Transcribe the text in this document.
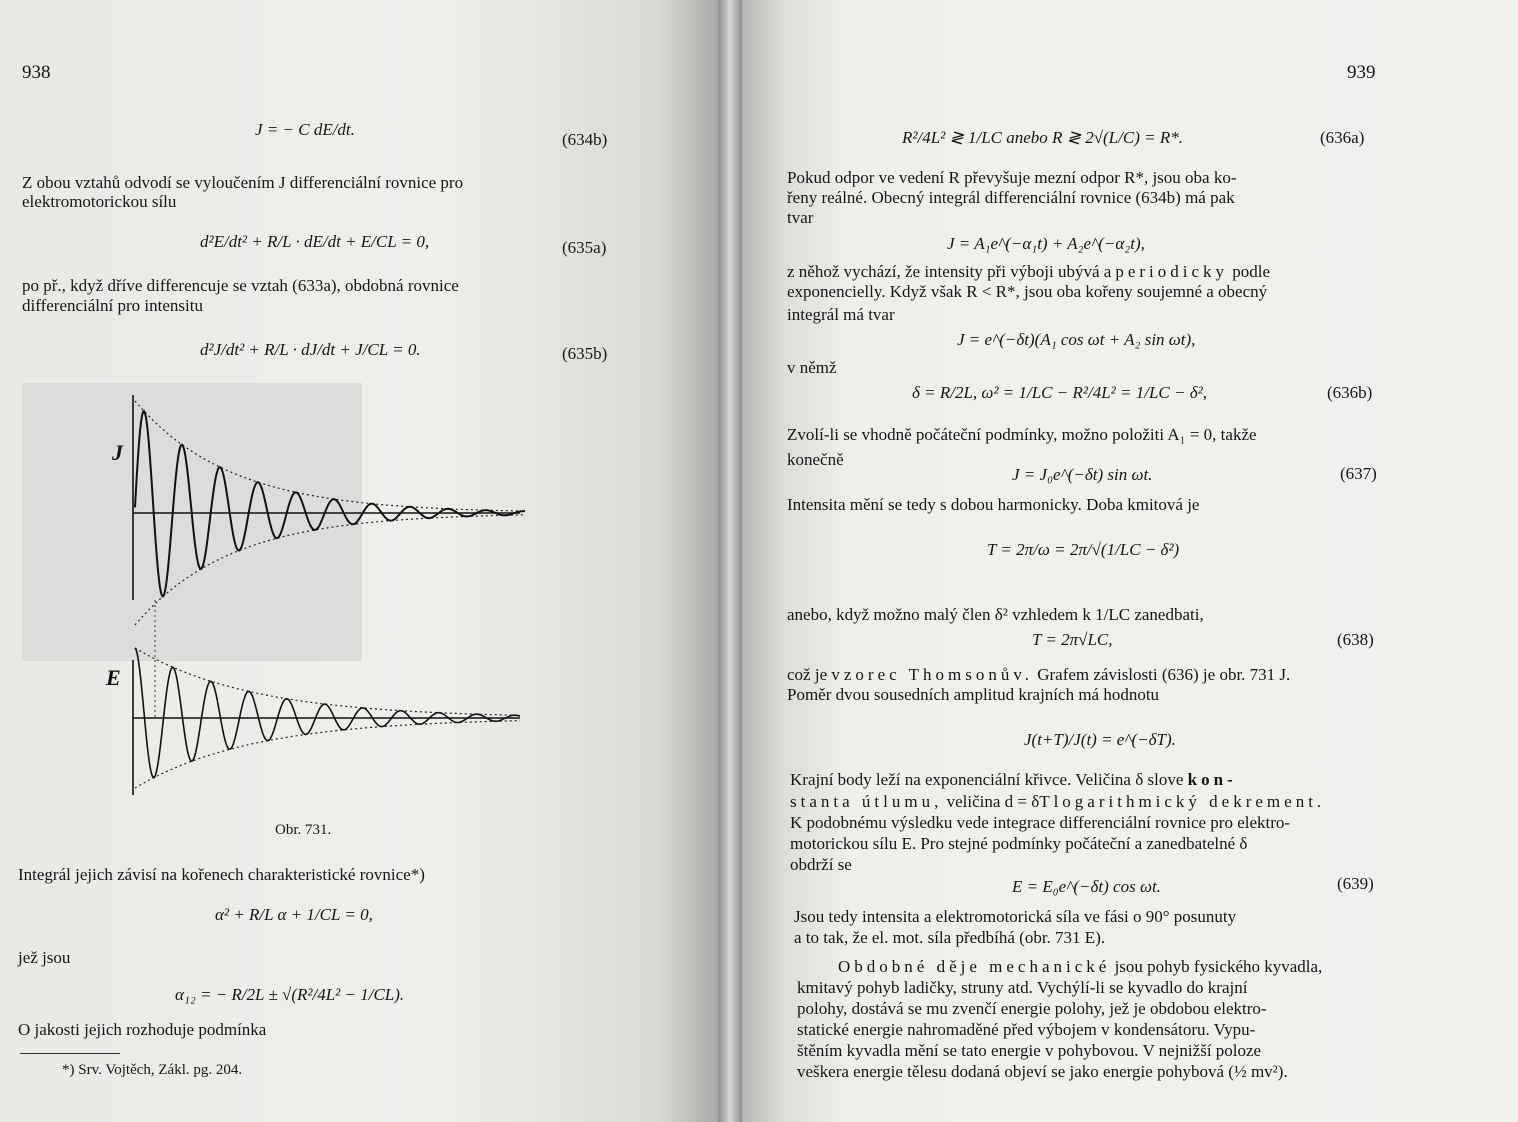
938
J = − C dE/dt.
(634b)
Z obou vztahů odvodí se vyloučením J differenciální rovnice pro
elektromotorickou sílu
d²E/dt² + R/L · dE/dt + E/CL = 0,	(635a)
po př., když dříve differencuje se vztah (633a), obdobná rovnice
differenciální pro intensitu
d²J/dt² + R/L · dJ/dt + J/CL = 0.	(635b)
J
E
Obr. 731.
Integrál jejich závisí na kořenech charakteristické rovnice*)
α² + R/L α + 1/CL = 0,
jež jsou
α₁₂ = − R/2L ± √(R²/4L² − 1/CL).
O jakosti jejich rozhoduje podmínka
*) Srv. Vojtěch, Zákl. pg. 204.
939
R²/4L² ≷ 1/LC anebo R ≷ 2√(L/C) = R*.	(636a)
Pokud odpor ve vedení R převyšuje mezní odpor R*, jsou oba ko-
řeny reálné. Obecný integrál differenciální rovnice (634b) má pak
tvar
J = A₁e^(−α₁t) + A₂e^(−α₂t),
z něhož vychází, že intensity při výboji ubývá aperiodicky podle
exponencielly. Když však R < R*, jsou oba kořeny soujemné a obecný
integrál má tvar
J = e^(−δt)(A₁ cos ωt + A₂ sin ωt),
v němž
δ = R/2L, ω² = 1/LC − R²/4L² = 1/LC − δ²,	(636b)
Zvolí-li se vhodně počáteční podmínky, možno položiti A₁ = 0, takže
konečně
J = J₀e^(−δt) sin ωt.	(637)
Intensita mění se tedy s dobou harmonicky. Doba kmitová je
T = 2π/ω = 2π/√(1/LC − δ²)
anebo, když možno malý člen δ² vzhledem k 1/LC zanedbati,
T = 2π√LC,	(638)
což je vzorec Thomsonův. Grafem závislosti (636) je obr. 731 J.
Poměr dvou sousedních amplitud krajních má hodnotu
J(t+T)/J(t) = e^(−δT).
Krajní body leží na exponenciální křivce. Veličina δ slove kon-
stanta útlumu, veličina d = δT logarithmický dekrement.
K podobnému výsledku vede integrace differenciální rovnice pro elektro-
motorickou sílu E. Pro stejné podmínky počáteční a zanedbatelné δ
obdrží se
E = E₀e^(−δt) cos ωt.	(639)
Jsou tedy intensita a elektromotorická síla ve fási o 90° posunuty
a to tak, že el. mot. síla předbíhá (obr. 731 E).
Obdobné děje mechanické jsou pohyb fysického kyvadla,
kmitavý pohyb ladičky, struny atd. Vychýlí-li se kyvadlo do krajní
polohy, dostává se mu zvenčí energie polohy, jež je obdobou elektro-
statické energie nahromaděné před výbojem v kondensátoru. Vypu-
štěním kyvadla mění se tato energie v pohybovou. V nejnižší poloze
veškera energie tělesu dodaná objeví se jako energie pohybová (½ mv²).
